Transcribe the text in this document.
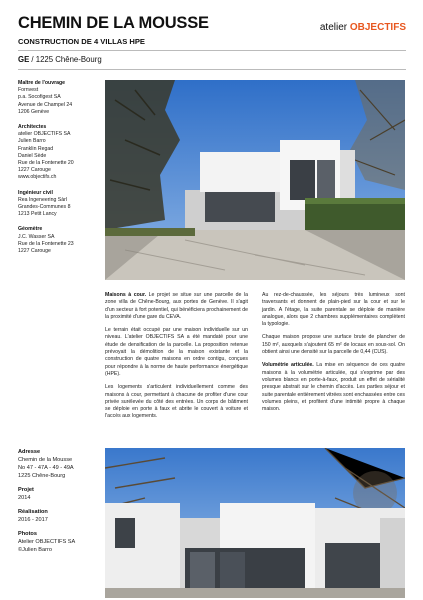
CHEMIN DE LA MOUSSE
CONSTRUCTION DE 4 VILLAS HPE
atelier OBJECTIFS
GE / 1225 Chêne-Bourg
Maître de l'ouvrage
Fornvest
p.a. Socofigest SA
Avenue de Champel 24
1206 Genève
Architectes
atelier OBJECTIFS SA
Julien Barro
Franklin Regad
Daniel Sède
Rue de la Fontenette 20
1227 Carouge
www.objectifs.ch
Ingénieur civil
Rea Ingeneering Sàrl
Grandes-Communes 8
1213 Petit Lancy
Géomètre
J.C. Wasser SA
Rue de la Fontenette 23
1227 Carouge

Maisons à cour. Le projet se situe sur une parcelle de la zone villa de Chêne-Bourg, aux portes de Genève. Il s'agit d'un secteur à fort potentiel, qui bénéficiera prochainement de la proximité d'une gare du CEVA.

Le terrain était occupé par une maison individuelle sur un niveau. L'atelier OBJECTIFS SA a été mandaté pour une étude de densification de la parcelle. La proposition retenue prévoyait la démolition de la maison existante et la construction de quatre maisons en ordre contigu, conçues pour répondre à la norme de haute performance énergétique (HPE).

Les logements s'articulent individuellement comme des maisons à cour, permettant à chacune de profiter d'une cour privée surélevée du côté des entrées. Un corps de bâtiment se déploie en porte à faux et abrite le couvert à voiture et l'accès aux logements.

Au rez-de-chaussée, les séjours très lumineux sont traversants et donnent de plain-pied sur la cour et sur le jardin. A l'étage, la suite parentale se déploie de manière analogue, alors que 2 chambres supplémentaires complètent la typologie.

Chaque maison propose une surface brute de plancher de 150 m², auxquels s'ajoutent 65 m² de locaux en sous-sol. On obtient ainsi une densité sur la parcelle de 0,44 (CUS).

Volumétrie articulée. La mise en séquence de ces quatre maisons à la volumétrie articulée, qui s'exprime par des volumes blancs en porte-à-faux, produit un effet de sérialité presque abstrait sur le chemin d'accès. Les parties séjour et suite parentale entièrement vitrées sont enchassées entre ces volumes pleins, et profitent d'une intimité propre à chaque maison.

Adresse
Chemin de la Mousse
No 47 - 47A - 49 - 49A
1225 Chêne-Bourg
Projet
2014
Réalisation
2016 - 2017
Photos
Atelier OBJECTIFS SA
©Julien Barro
